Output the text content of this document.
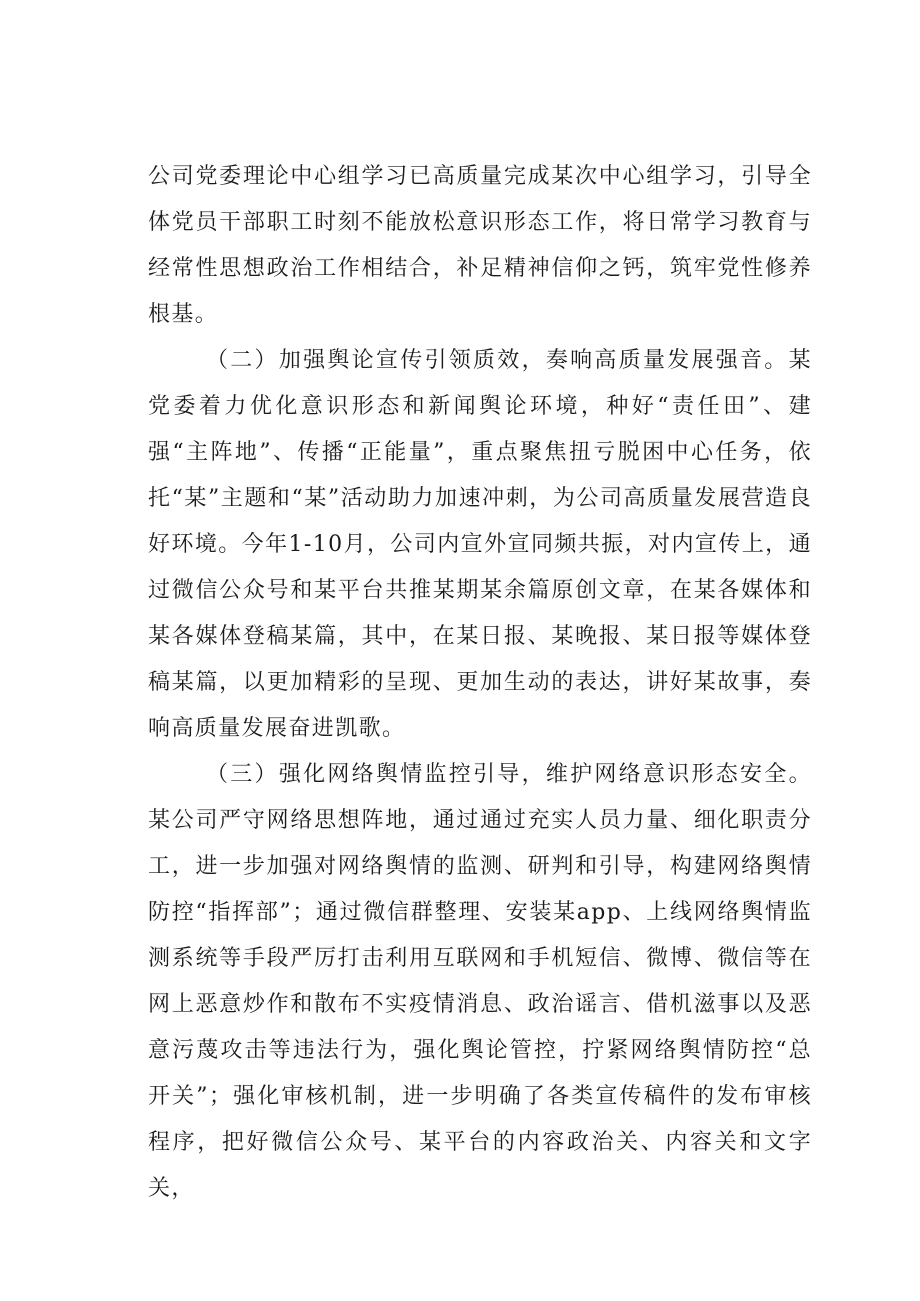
公司党委理论中心组学习已高质量完成某次中心组学习，引导全体党员干部职工时刻不能放松意识形态工作，将日常学习教育与经常性思想政治工作相结合，补足精神信仰之钙，筑牢党性修养根基。

（二）加强舆论宣传引领质效，奏响高质量发展强音。某党委着力优化意识形态和新闻舆论环境，种好“责任田”、建强“主阵地”、传播“正能量”，重点聚焦扭亏脱困中心任务，依托“某”主题和“某”活动助力加速冲刺，为公司高质量发展营造良好环境。今年1-10月，公司内宣外宣同频共振，对内宣传上，通过微信公众号和某平台共推某期某余篇原创文章，在某各媒体和某各媒体登稿某篇，其中，在某日报、某晚报、某日报等媒体登稿某篇，以更加精彩的呈现、更加生动的表达，讲好某故事，奏响高质量发展奋进凯歌。

（三）强化网络舆情监控引导，维护网络意识形态安全。某公司严守网络思想阵地，通过通过充实人员力量、细化职责分工，进一步加强对网络舆情的监测、研判和引导，构建网络舆情防控“指挥部”；通过微信群整理、安装某app、上线网络舆情监测系统等手段严厉打击利用互联网和手机短信、微博、微信等在网上恶意炒作和散布不实疫情消息、政治谣言、借机滋事以及恶意污蔑攻击等违法行为，强化舆论管控，拧紧网络舆情防控“总开关”；强化审核机制，进一步明确了各类宣传稿件的发布审核程序，把好微信公众号、某平台的内容政治关、内容关和文字关，
